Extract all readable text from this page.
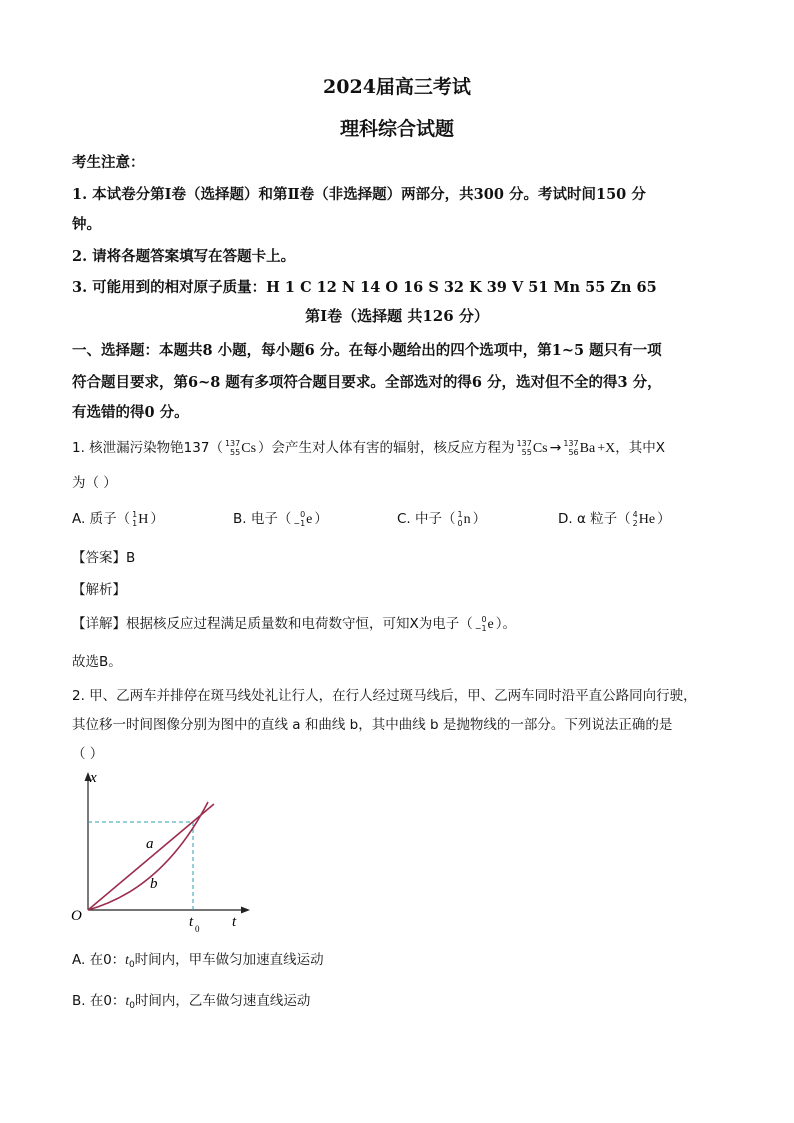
2024届高三考试
理科综合试题
考生注意：
1. 本试卷分第Ⅰ卷（选择题）和第Ⅱ卷（非选择题）两部分，共300 分。考试时间150 分
钟。
2. 请将各题答案填写在答题卡上。
3. 可能用到的相对原子质量：H 1 C 12 N 14 O 16 S 32 K 39 V 51 Mn 55 Zn 65
第Ⅰ卷（选择题 共126 分）
一、选择题：本题共8 小题，每小题6 分。在每小题给出的四个选项中，第1~5 题只有一项
符合题目要求，第6~8 题有多项符合题目要求。全部选对的得6 分，选对但不全的得3 分，
有选错的得0 分。
1. 核泄漏污染物铯137（ 137
55Cs ）会产生对人体有害的辐射，核反应方程为 137
55Cs → 137
56Ba +X，其中X
为（ ）
A. 质子（ 1
1H ）	B. 电子（ 0
−1e ）	C. 中子（ 1
0n ）	D. α 粒子（ 4
2He ）
【答案】B
【解析】
【详解】根据核反应过程满足质量数和电荷数守恒，可知X为电子（ 0
−1e ）。
故选B。
2. 甲、乙两车并排停在斑马线处礼让行人，在行人经过斑马线后，甲、乙两车同时沿平直公路同向行驶，
其位移一时间图像分别为图中的直线 a 和曲线 b，其中曲线 b 是抛物线的一部分。下列说法正确的是
（ ）
x
t
O
a
b
t 0
A. 在0：$t_0$时间内，甲车做匀加速直线运动
B. 在0：$t_0$时间内，乙车做匀速直线运动
